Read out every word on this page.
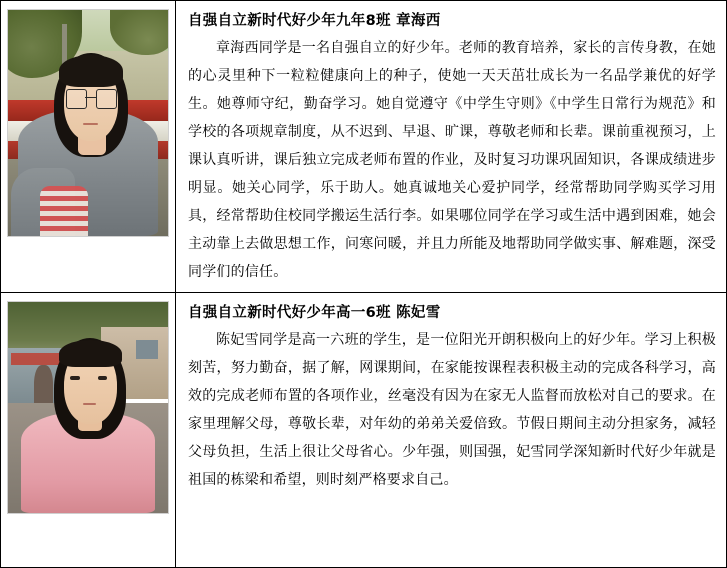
自强自立新时代好少年九年8班 章海西
章海西同学是一名自强自立的好少年。老师的教育培养，家长的言传身教，在她的心灵里种下一粒粒健康向上的种子，使她一天天茁壮成长为一名品学兼优的好学生。她尊师守纪，勤奋学习。她自觉遵守《中学生守则》《中学生日常行为规范》和学校的各项规章制度，从不迟到、早退、旷课，尊敬老师和长辈。课前重视预习，上课认真听讲，课后独立完成老师布置的作业，及时复习功课巩固知识，各课成绩进步明显。她关心同学，乐于助人。她真诚地关心爱护同学，经常帮助同学购买学习用具，经常帮助住校同学搬运生活行李。如果哪位同学在学习或生活中遇到困难，她会主动靠上去做思想工作，问寒问暖，并且力所能及地帮助同学做实事、解难题，深受同学们的信任。
自强自立新时代好少年高一6班 陈妃雪
陈妃雪同学是高一六班的学生，是一位阳光开朗积极向上的好少年。学习上积极刻苦，努力勤奋，据了解，网课期间，在家能按课程表积极主动的完成各科学习，高效的完成老师布置的各项作业，丝毫没有因为在家无人监督而放松对自己的要求。在家里理解父母，尊敬长辈，对年幼的弟弟关爱倍致。节假日期间主动分担家务，减轻父母负担，生活上很让父母省心。少年强，则国强，妃雪同学深知新时代好少年就是祖国的栋梁和希望，则时刻严格要求自己。
